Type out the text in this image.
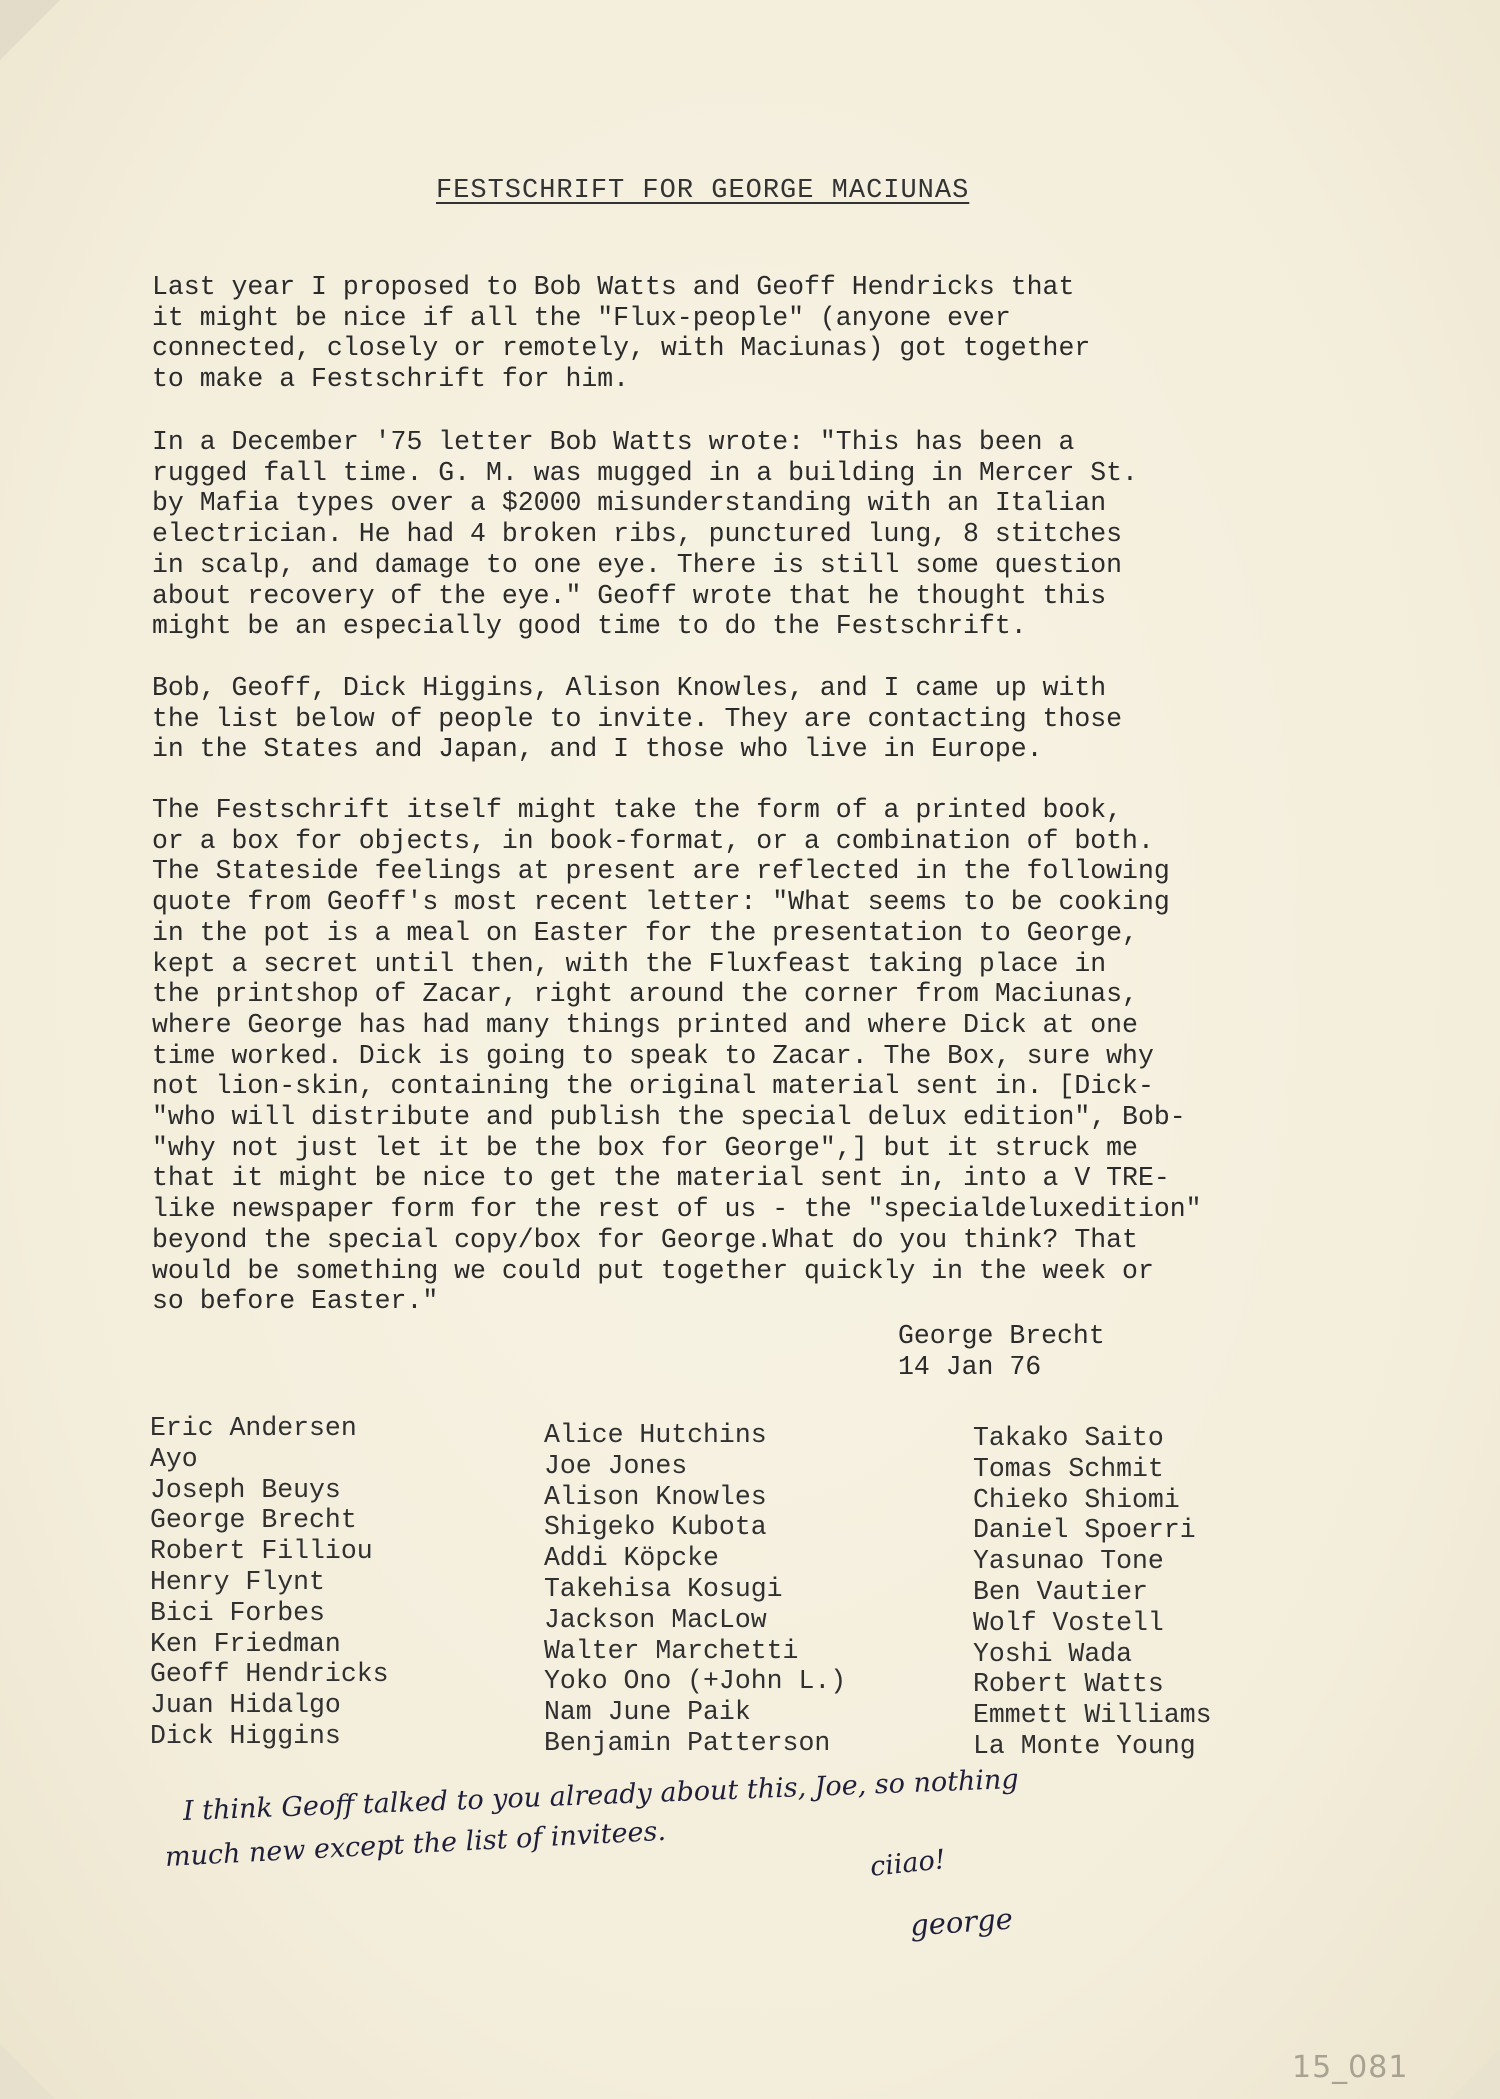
FESTSCHRIFT FOR GEORGE MACIUNAS
Last year I proposed to Bob Watts and Geoff Hendricks that
it might be nice if all the "Flux-people" (anyone ever
connected, closely or remotely, with Maciunas) got together
to make a Festschrift for him.
In a December '75 letter Bob Watts wrote: "This has been a
rugged fall time. G. M. was mugged in a building in Mercer St.
by Mafia types over a $2000 misunderstanding with an Italian
electrician. He had 4 broken ribs, punctured lung, 8 stitches
in scalp, and damage to one eye. There is still some question
about recovery of the eye." Geoff wrote that he thought this
might be an especially good time to do the Festschrift.
Bob, Geoff, Dick Higgins, Alison Knowles, and I came up with
the list below of people to invite. They are contacting those
in the States and Japan, and I those who live in Europe.
The Festschrift itself might take the form of a printed book,
or a box for objects, in book-format, or a combination of both.
The Stateside feelings at present are reflected in the following
quote from Geoff's most recent letter: "What seems to be cooking
in the pot is a meal on Easter for the presentation to George,
kept a secret until then, with the Fluxfeast taking place in
the printshop of Zacar, right around the corner from Maciunas,
where George has had many things printed and where Dick at one
time worked. Dick is going to speak to Zacar. The Box, sure why
not lion-skin, containing the original material sent in. [Dick-
"who will distribute and publish the special delux edition", Bob-
"why not just let it be the box for George",] but it struck me
that it might be nice to get the material sent in, into a V TRE-
like newspaper form for the rest of us - the "specialdeluxedition"
beyond the special copy/box for George.What do you think? That
would be something we could put together quickly in the week or
so before Easter."
George Brecht
14 Jan 76
Eric Andersen
Ayo
Joseph Beuys
George Brecht
Robert Filliou
Henry Flynt
Bici Forbes
Ken Friedman
Geoff Hendricks
Juan Hidalgo
Dick Higgins
Alice Hutchins
Joe Jones
Alison Knowles
Shigeko Kubota
Addi Köpcke
Takehisa Kosugi
Jackson MacLow
Walter Marchetti
Yoko Ono (+John L.)
Nam June Paik
Benjamin Patterson
Takako Saito
Tomas Schmit
Chieko Shiomi
Daniel Spoerri
Yasunao Tone
Ben Vautier
Wolf Vostell
Yoshi Wada
Robert Watts
Emmett Williams
La Monte Young
I think Geoff talked to you already about this, Joe, so nothing
much new except the list of invitees.	ciiao!
george
15_081
